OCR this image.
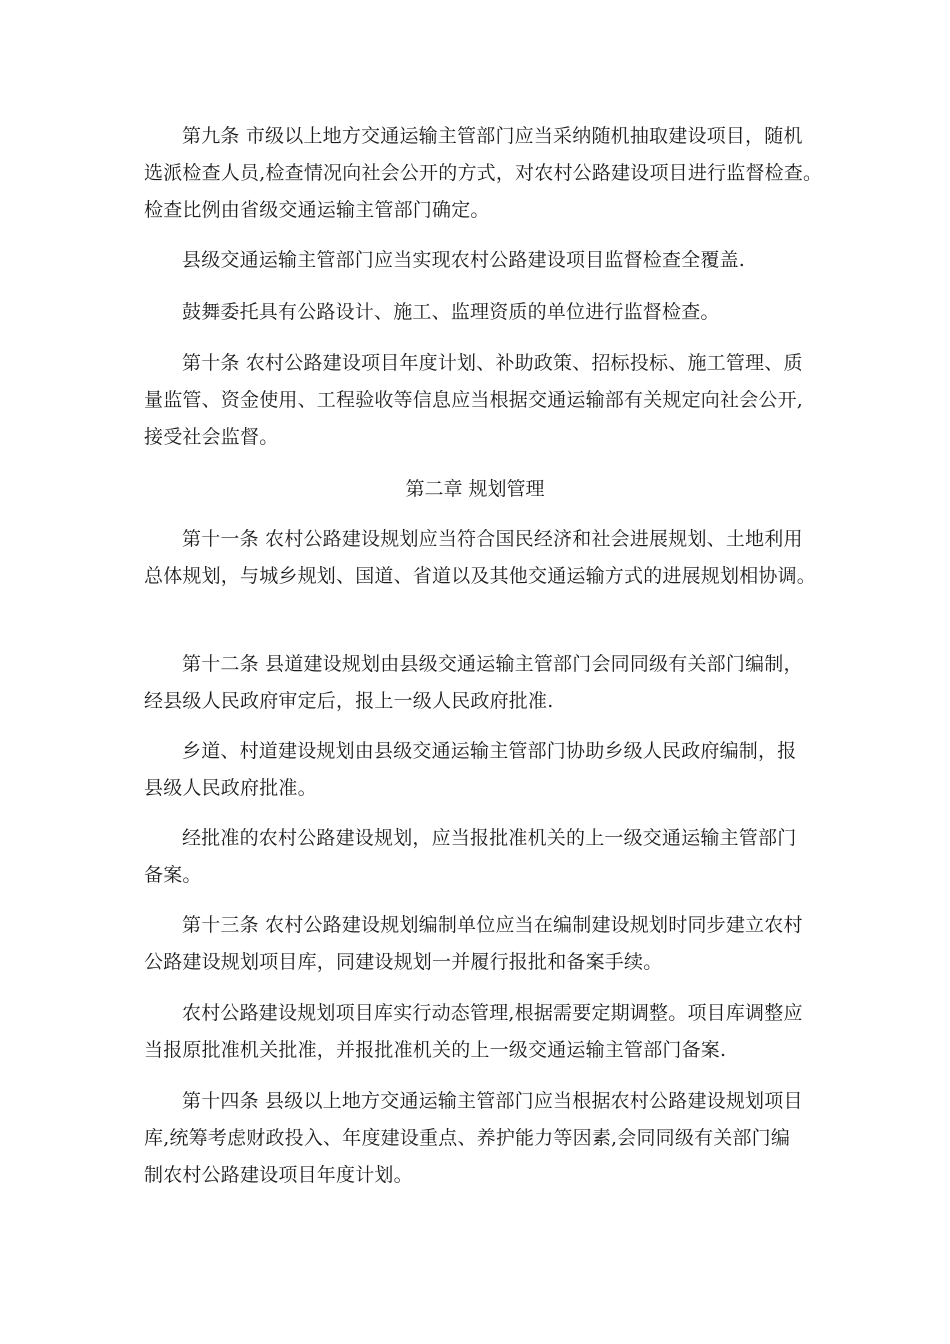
第九条 市级以上地方交通运输主管部门应当采纳随机抽取建设项目，随机
选派检查人员,检查情况向社会公开的方式，对农村公路建设项目进行监督检查。
检查比例由省级交通运输主管部门确定。

县级交通运输主管部门应当实现农村公路建设项目监督检查全覆盖.

鼓舞委托具有公路设计、施工、监理资质的单位进行监督检查。

第十条 农村公路建设项目年度计划、补助政策、招标投标、施工管理、质
量监管、资金使用、工程验收等信息应当根据交通运输部有关规定向社会公开,
接受社会监督。

第二章 规划管理

第十一条 农村公路建设规划应当符合国民经济和社会进展规划、土地利用
总体规划，与城乡规划、国道、省道以及其他交通运输方式的进展规划相协调。

第十二条 县道建设规划由县级交通运输主管部门会同同级有关部门编制，
经县级人民政府审定后，报上一级人民政府批准.

乡道、村道建设规划由县级交通运输主管部门协助乡级人民政府编制，报
县级人民政府批准。

经批准的农村公路建设规划，应当报批准机关的上一级交通运输主管部门
备案。

第十三条 农村公路建设规划编制单位应当在编制建设规划时同步建立农村
公路建设规划项目库，同建设规划一并履行报批和备案手续。

农村公路建设规划项目库实行动态管理,根据需要定期调整。项目库调整应
当报原批准机关批准，并报批准机关的上一级交通运输主管部门备案.

第十四条 县级以上地方交通运输主管部门应当根据农村公路建设规划项目
库,统筹考虑财政投入、年度建设重点、养护能力等因素,会同同级有关部门编
制农村公路建设项目年度计划。
